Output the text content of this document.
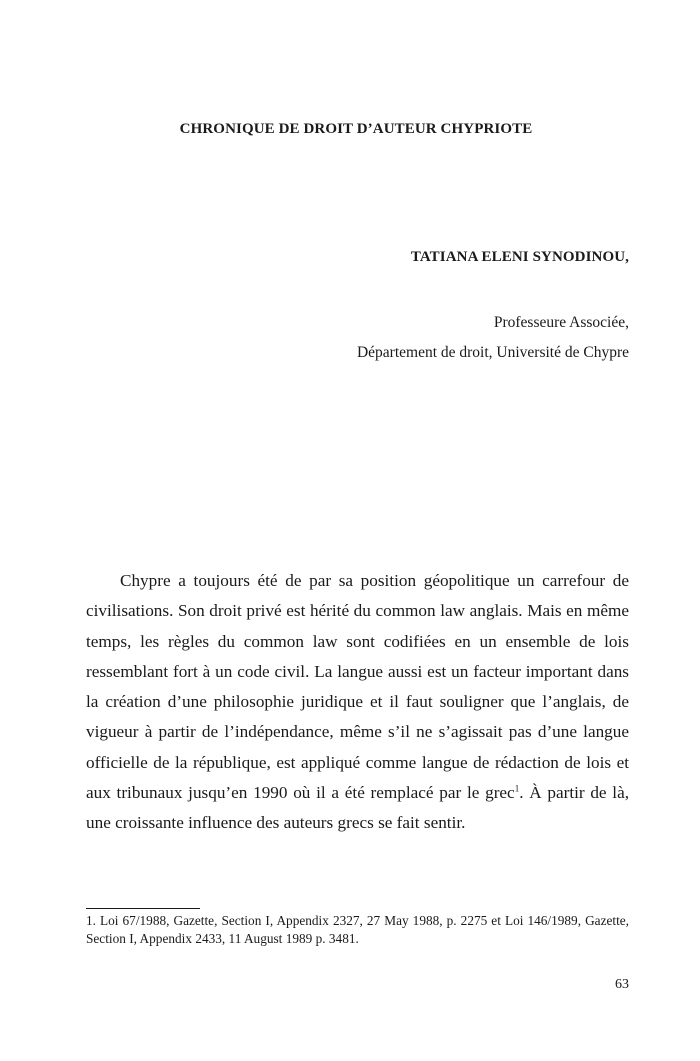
CHRONIQUE DE DROIT D’AUTEUR CHYPRIOTE
TATIANA ELENI SYNODINOU,
Professeure Associée,
Département de droit, Université de Chypre

Chypre a toujours été de par sa position géopolitique un carrefour de civilisations. Son droit privé est hérité du common law anglais. Mais en même temps, les règles du common law sont codifiées en un ensemble de lois ressemblant fort à un code civil. La langue aussi est un facteur important dans la création d’une philosophie juridique et il faut souligner que l’anglais, de vigueur à partir de l’indépendance, même s’il ne s’agissait pas d’une langue officielle de la république, est appliqué comme langue de rédaction de lois et aux tribunaux jusqu’en 1990 où il a été remplacé par le grec$^1$. À partir de là, une croissante influence des auteurs grecs se fait sentir.

1. Loi 67/1988, Gazette, Section I, Appendix 2327, 27 May 1988, p. 2275 et Loi 146/1989, Gazette, Section I, Appendix 2433, 11 August 1989 p. 3481.

63
